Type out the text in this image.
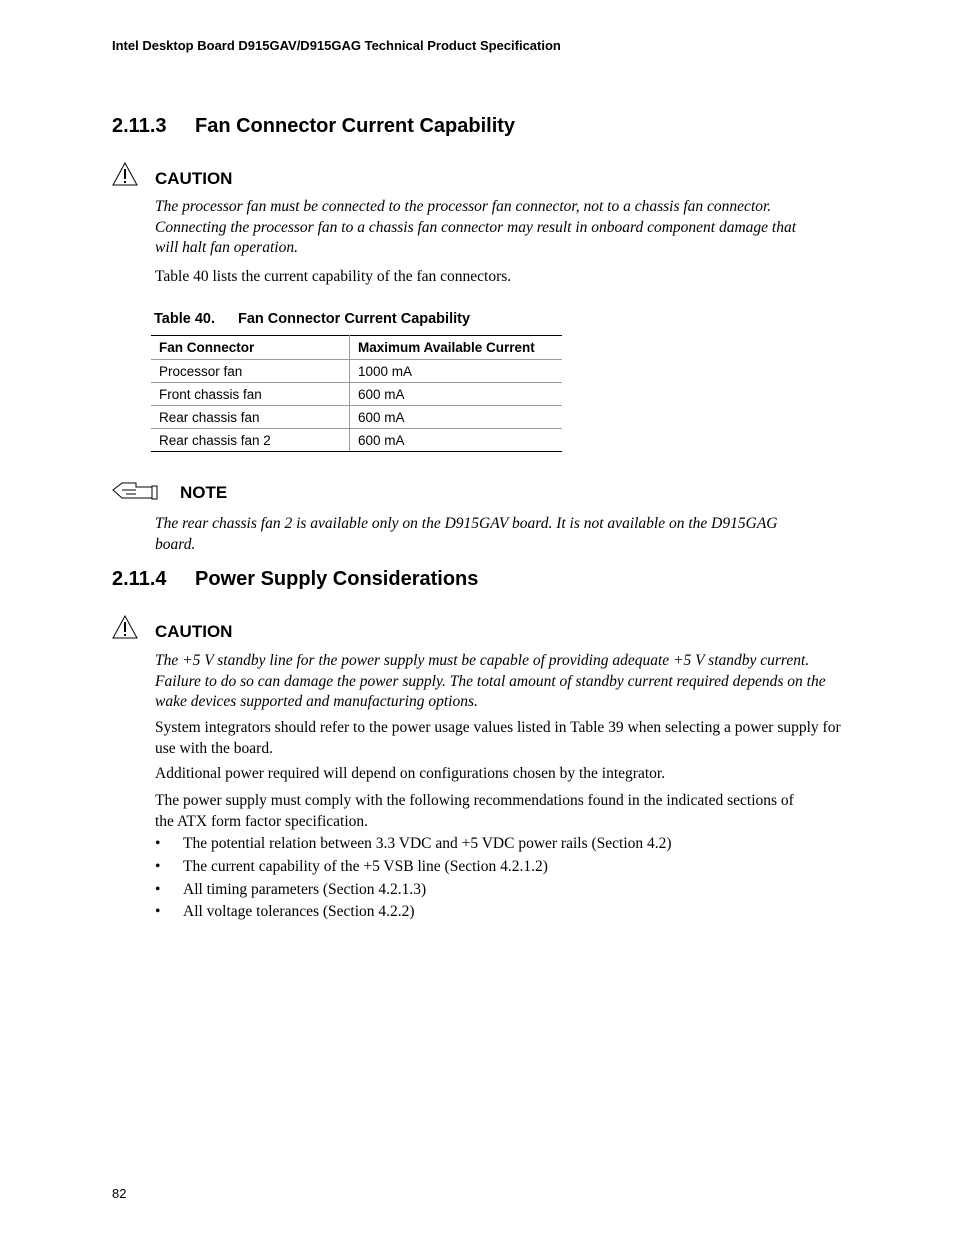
Intel Desktop Board D915GAV/D915GAG Technical Product Specification
2.11.3 Fan Connector Current Capability
CAUTION
The processor fan must be connected to the processor fan connector, not to a chassis fan connector. Connecting the processor fan to a chassis fan connector may result in onboard component damage that will halt fan operation.
Table 40 lists the current capability of the fan connectors.
Table 40. Fan Connector Current Capability
Fan Connector	Maximum Available Current
Processor fan	1000 mA
Front chassis fan	600 mA
Rear chassis fan	600 mA
Rear chassis fan 2	600 mA
NOTE
The rear chassis fan 2 is available only on the D915GAV board. It is not available on the D915GAG board.
2.11.4 Power Supply Considerations
CAUTION
The +5 V standby line for the power supply must be capable of providing adequate +5 V standby current. Failure to do so can damage the power supply. The total amount of standby current required depends on the wake devices supported and manufacturing options.
System integrators should refer to the power usage values listed in Table 39 when selecting a power supply for use with the board.
Additional power required will depend on configurations chosen by the integrator.
The power supply must comply with the following recommendations found in the indicated sections of the ATX form factor specification.
• The potential relation between 3.3 VDC and +5 VDC power rails (Section 4.2)
• The current capability of the +5 VSB line (Section 4.2.1.2)
• All timing parameters (Section 4.2.1.3)
• All voltage tolerances (Section 4.2.2)
82
